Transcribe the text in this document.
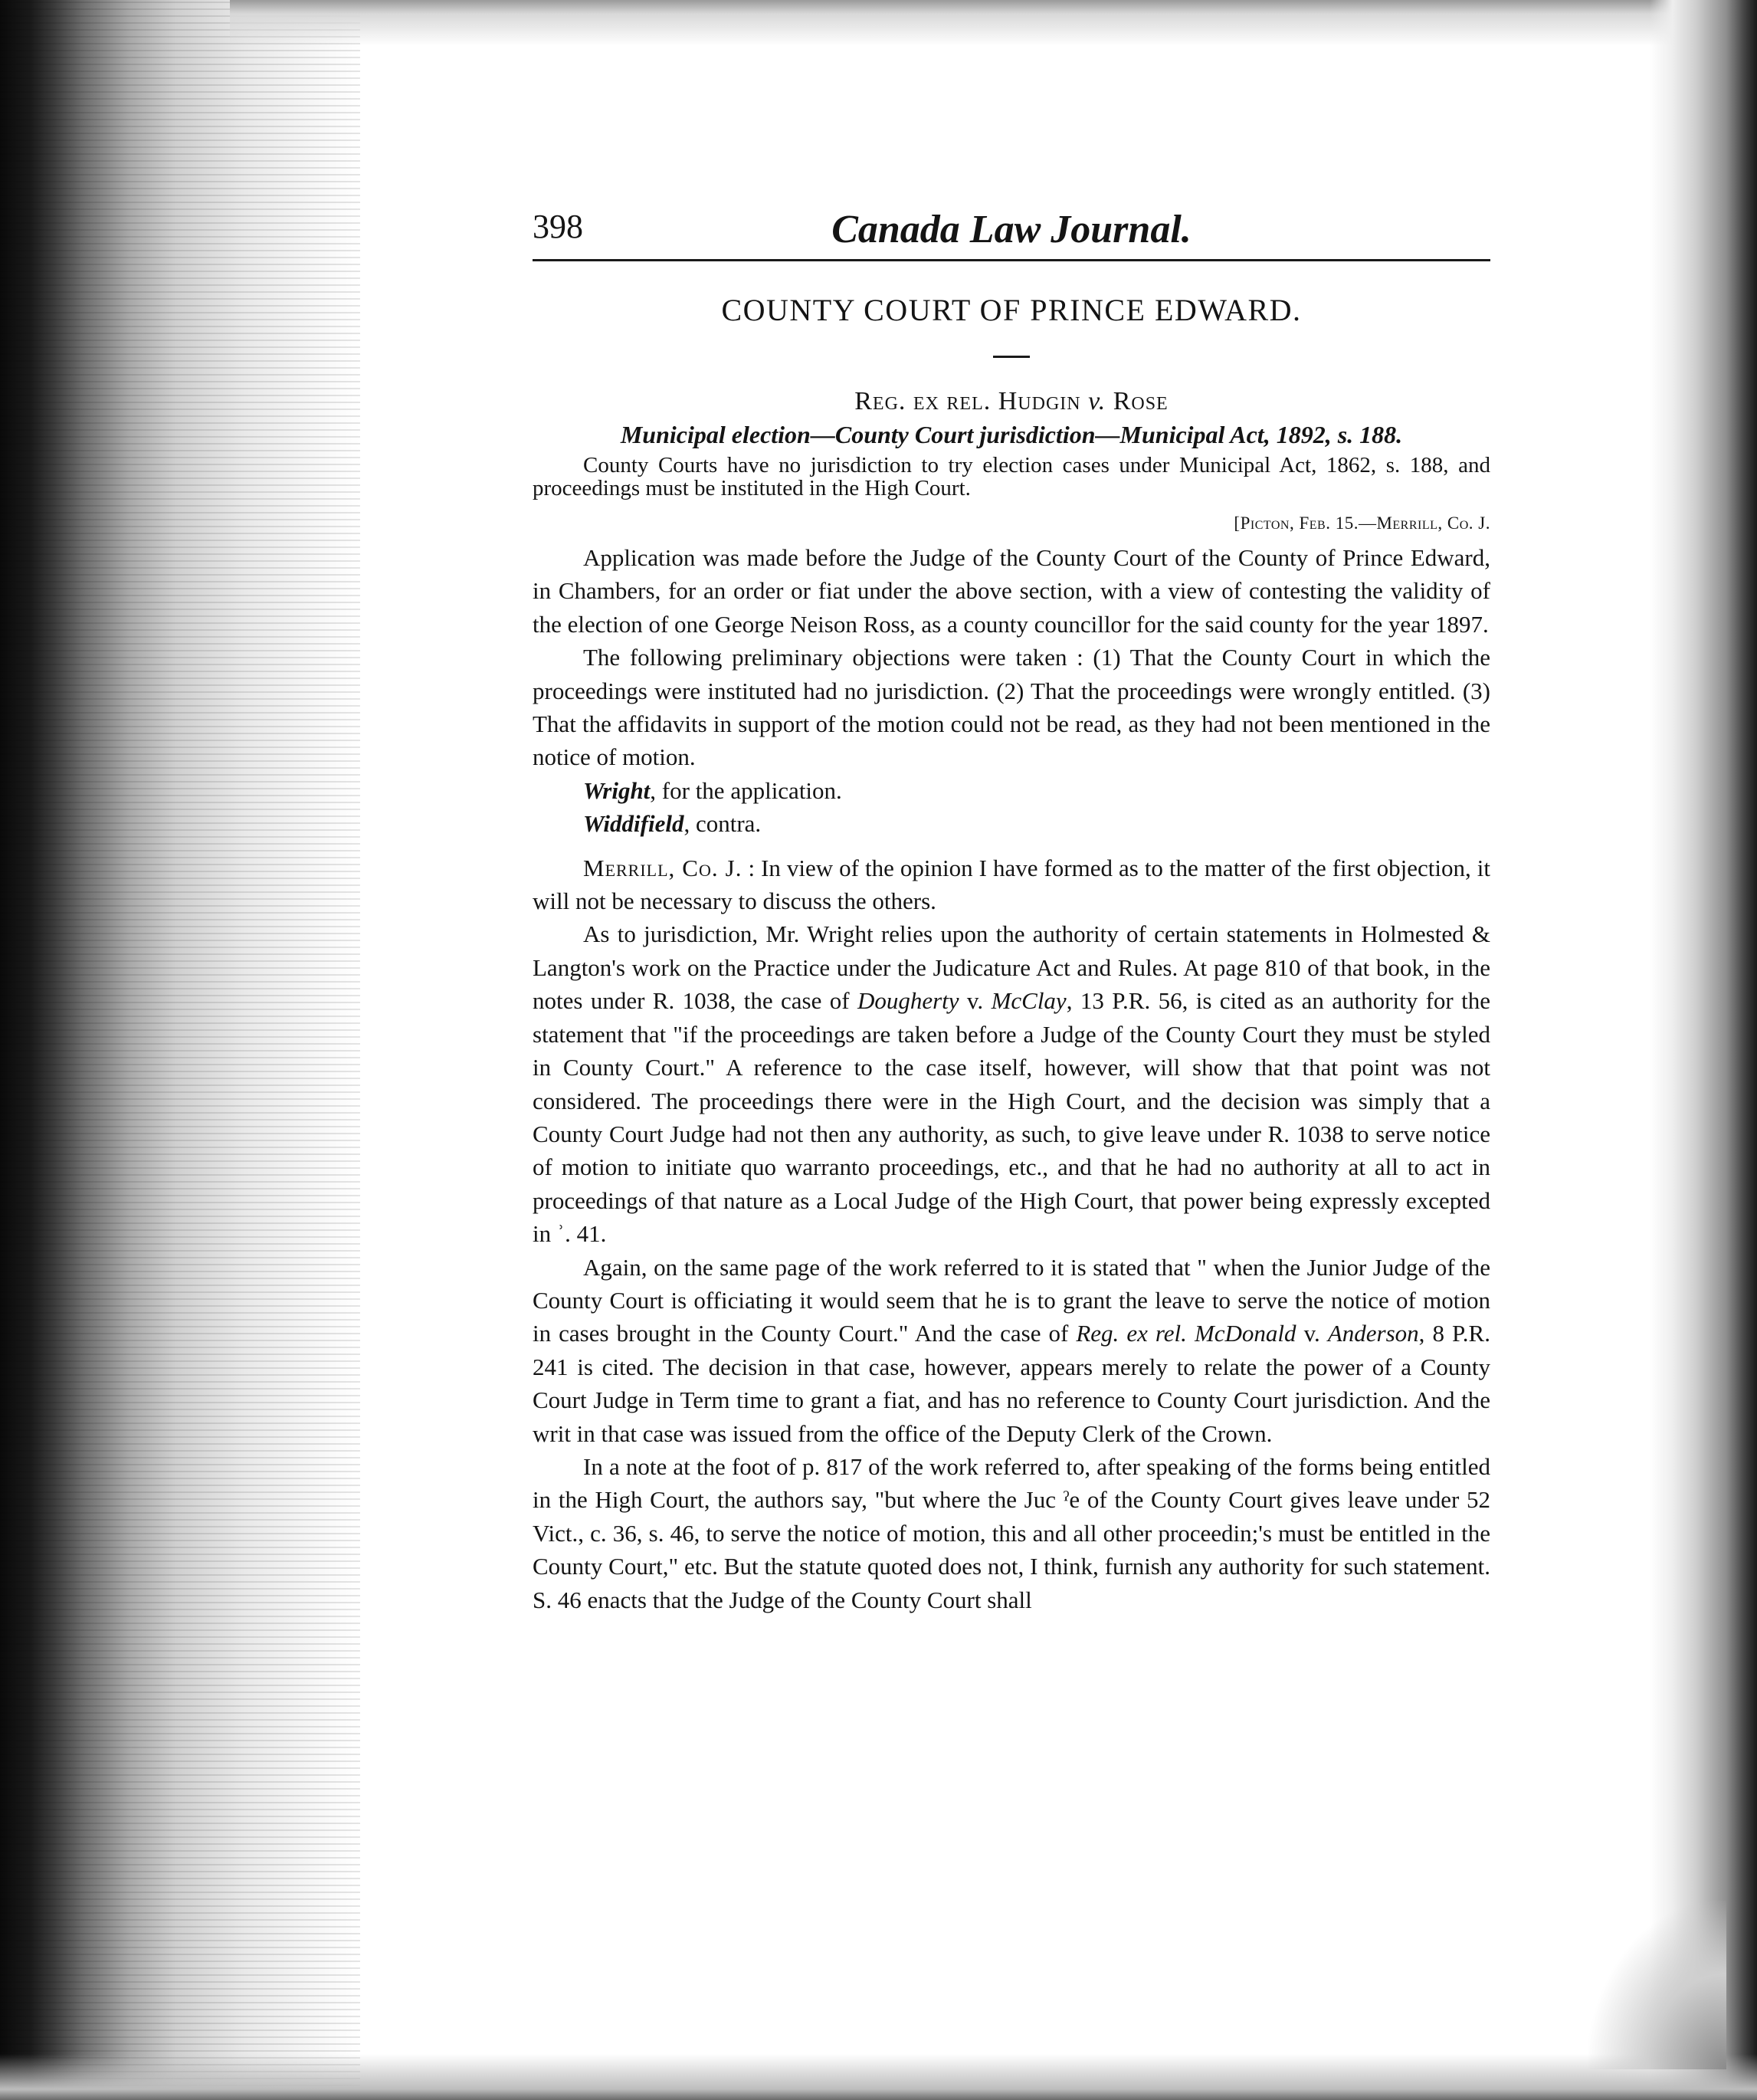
398	Canada Law Journal.
COUNTY COURT OF PRINCE EDWARD.
Reg. ex rel. Hudgin v. Rose
Municipal election—County Court jurisdiction—Municipal Act, 1892, s. 188.
County Courts have no jurisdiction to try election cases under Municipal Act, 1862, s. 188, and proceedings must be instituted in the High Court.
[Picton, Feb. 15.—Merrill, Co. J.

Application was made before the Judge of the County Court of the County of Prince Edward, in Chambers, for an order or fiat under the above section, with a view of contesting the validity of the election of one George Neison Ross, as a county councillor for the said county for the year 1897.

The following preliminary objections were taken : (1) That the County Court in which the proceedings were instituted had no jurisdiction. (2) That the proceedings were wrongly entitled. (3) That the affidavits in support of the motion could not be read, as they had not been mentioned in the notice of motion.

Wright, for the application.

Widdifield, contra.

Merrill, Co. J. : In view of the opinion I have formed as to the matter of the first objection, it will not be necessary to discuss the others.

As to jurisdiction, Mr. Wright relies upon the authority of certain statements in Holmested & Langton's work on the Practice under the Judicature Act and Rules. At page 810 of that book, in the notes under R. 1038, the case of Dougherty v. McClay, 13 P.R. 56, is cited as an authority for the statement that "if the proceedings are taken before a Judge of the County Court they must be styled in County Court." A reference to the case itself, however, will show that that point was not considered. The proceedings there were in the High Court, and the decision was simply that a County Court Judge had not then any authority, as such, to give leave under R. 1038 to serve notice of motion to initiate quo warranto proceedings, etc., and that he had no authority at all to act in proceedings of that nature as a Local Judge of the High Court, that power being expressly excepted in ʾ. 41.

Again, on the same page of the work referred to it is stated that " when the Junior Judge of the County Court is officiating it would seem that he is to grant the leave to serve the notice of motion in cases brought in the County Court." And the case of Reg. ex rel. McDonald v. Anderson, 8 P.R. 241 is cited. The decision in that case, however, appears merely to relate the power of a County Court Judge in Term time to grant a fiat, and has no reference to County Court jurisdiction. And the writ in that case was issued from the office of the Deputy Clerk of the Crown.

In a note at the foot of p. 817 of the work referred to, after speaking of the forms being entitled in the High Court, the authors say, "but where the Juc ˀe of the County Court gives leave under 52 Vict., c. 36, s. 46, to serve the notice of motion, this and all other proceedin;'s must be entitled in the County Court," etc. But the statute quoted does not, I think, furnish any authority for such statement. S. 46 enacts that the Judge of the County Court shall
